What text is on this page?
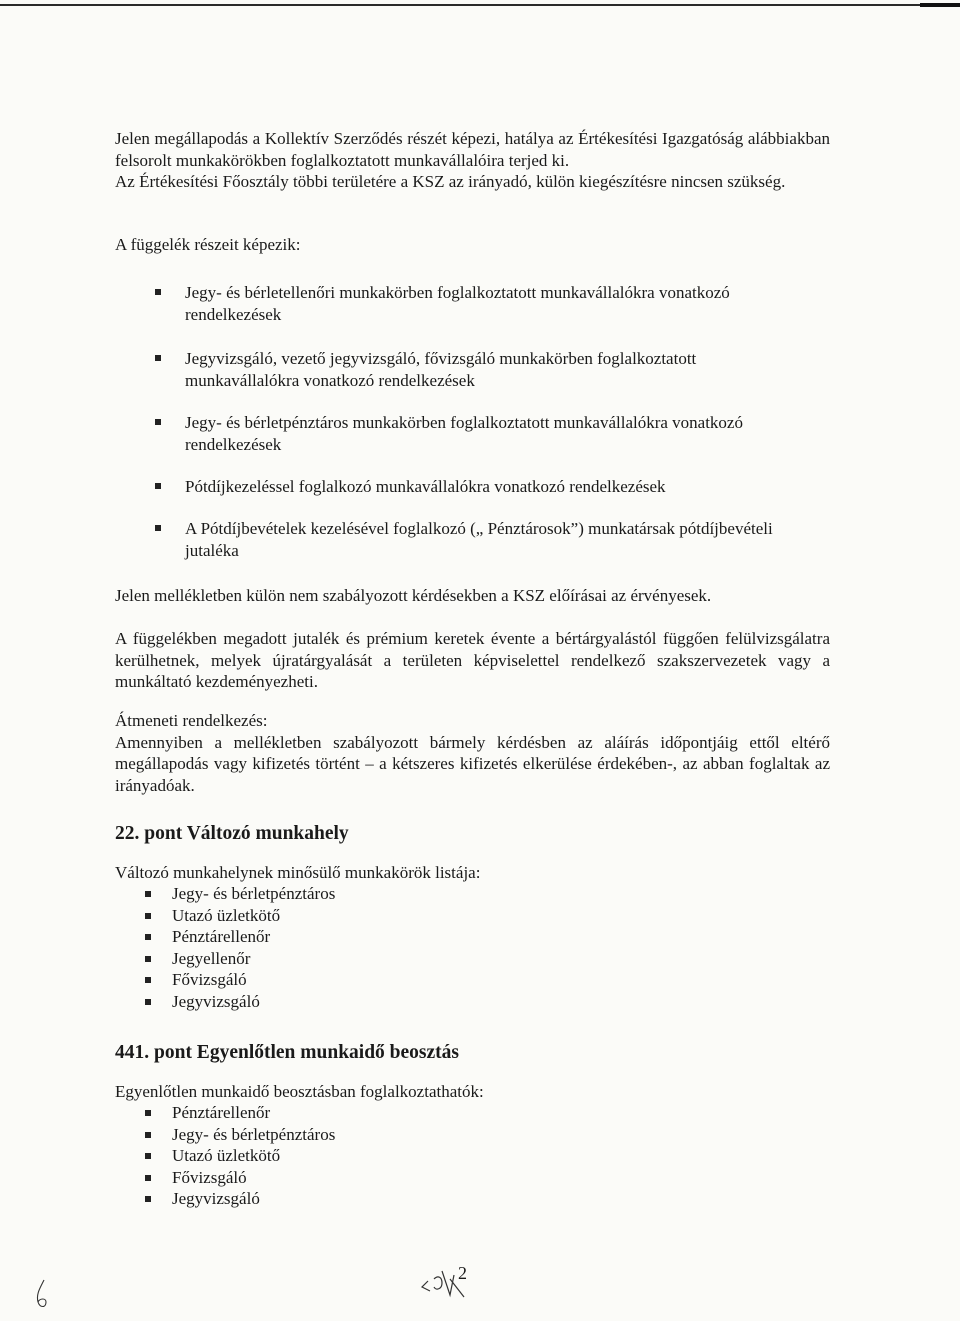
Jelen megállapodás a Kollektív Szerződés részét képezi, hatálya az Értékesítési Igazgatóság alábbiakban felsorolt munkakörökben foglalkoztatott munkavállalóira terjed ki.

Az Értékesítési Főosztály többi területére a KSZ az irányadó, külön kiegészítésre nincsen szükség.

A függelék részeit képezik:

Jegy- és bérletellenőri munkakörben foglalkoztatott munkavállalókra vonatkozó rendelkezések
Jegyvizsgáló, vezető jegyvizsgáló, fővizsgáló munkakörben foglalkoztatott munkavállalókra vonatkozó rendelkezések
Jegy- és bérletpénztáros munkakörben foglalkoztatott munkavállalókra vonatkozó rendelkezések
Pótdíjkezeléssel foglalkozó munkavállalókra vonatkozó rendelkezések
A Pótdíjbevételek kezelésével foglalkozó („ Pénztárosok”) munkatársak pótdíjbevételi jutaléka

Jelen mellékletben külön nem szabályozott kérdésekben a KSZ előírásai az érvényesek.

A függelékben megadott jutalék és prémium keretek évente a bértárgyalástól függően felülvizsgálatra kerülhetnek, melyek újratárgyalását a területen képviselettel rendelkező szakszervezetek vagy a munkáltató kezdeményezheti.

Átmeneti rendelkezés:

Amennyiben a mellékletben szabályozott bármely kérdésben az aláírás időpontjáig ettől eltérő megállapodás vagy kifizetés történt – a kétszeres kifizetés elkerülése érdekében-, az abban foglaltak az irányadóak.

22. pont Változó munkahely

Változó munkahelynek minősülő munkakörök listája:

Jegy- és bérletpénztáros
Utazó üzletkötő
Pénztárellenőr
Jegyellenőr
Fővizsgáló
Jegyvizsgáló
441. pont Egyenlőtlen munkaidő beosztás

Egyenlőtlen munkaidő beosztásban foglalkoztathatók:

Pénztárellenőr
Jegy- és bérletpénztáros
Utazó üzletkötő
Fővizsgáló
Jegyvizsgáló
2
